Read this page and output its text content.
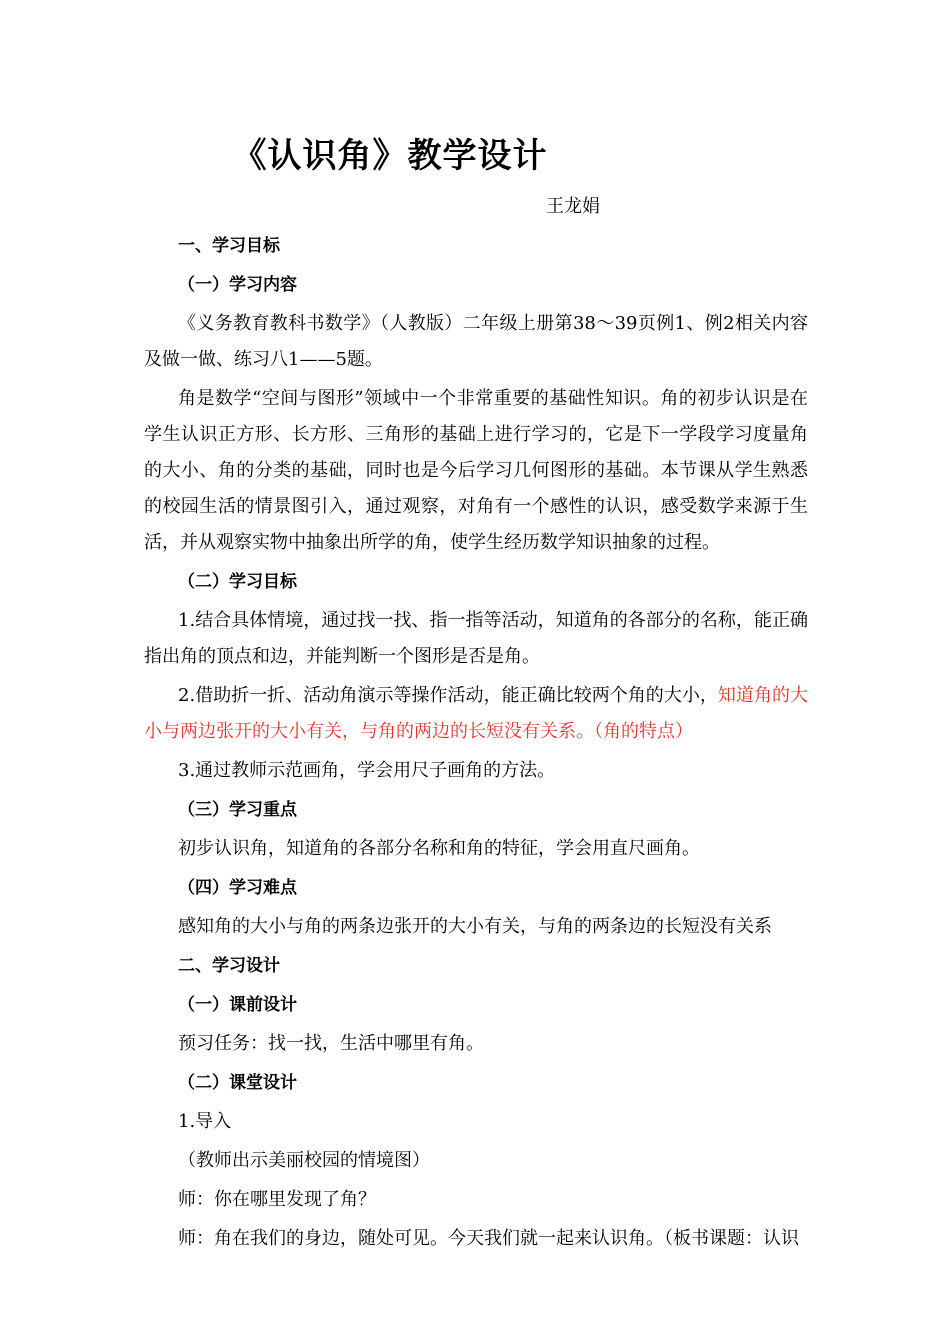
《认识角》教学设计
王龙娟
一、学习目标
（一）学习内容
《义务教育教科书数学》（人教版）二年级上册第38～39页例1、例2相关内容及做一做、练习八1——5题。
角是数学“空间与图形”领域中一个非常重要的基础性知识。角的初步认识是在学生认识正方形、长方形、三角形的基础上进行学习的，它是下一学段学习度量角的大小、角的分类的基础，同时也是今后学习几何图形的基础。本节课从学生熟悉的校园生活的情景图引入，通过观察，对角有一个感性的认识，感受数学来源于生活，并从观察实物中抽象出所学的角，使学生经历数学知识抽象的过程。
（二）学习目标
1.结合具体情境，通过找一找、指一指等活动，知道角的各部分的名称，能正确指出角的顶点和边，并能判断一个图形是否是角。
2.借助折一折、活动角演示等操作活动，能正确比较两个角的大小，知道角的大小与两边张开的大小有关，与角的两边的长短没有关系。（角的特点）
3.通过教师示范画角，学会用尺子画角的方法。
（三）学习重点
初步认识角，知道角的各部分名称和角的特征，学会用直尺画角。
（四）学习难点
感知角的大小与角的两条边张开的大小有关，与角的两条边的长短没有关系
二、学习设计
（一）课前设计
预习任务：找一找，生活中哪里有角。
（二）课堂设计
1.导入
（教师出示美丽校园的情境图）
师：你在哪里发现了角？
师：角在我们的身边，随处可见。今天我们就一起来认识角。（板书课题：认识
